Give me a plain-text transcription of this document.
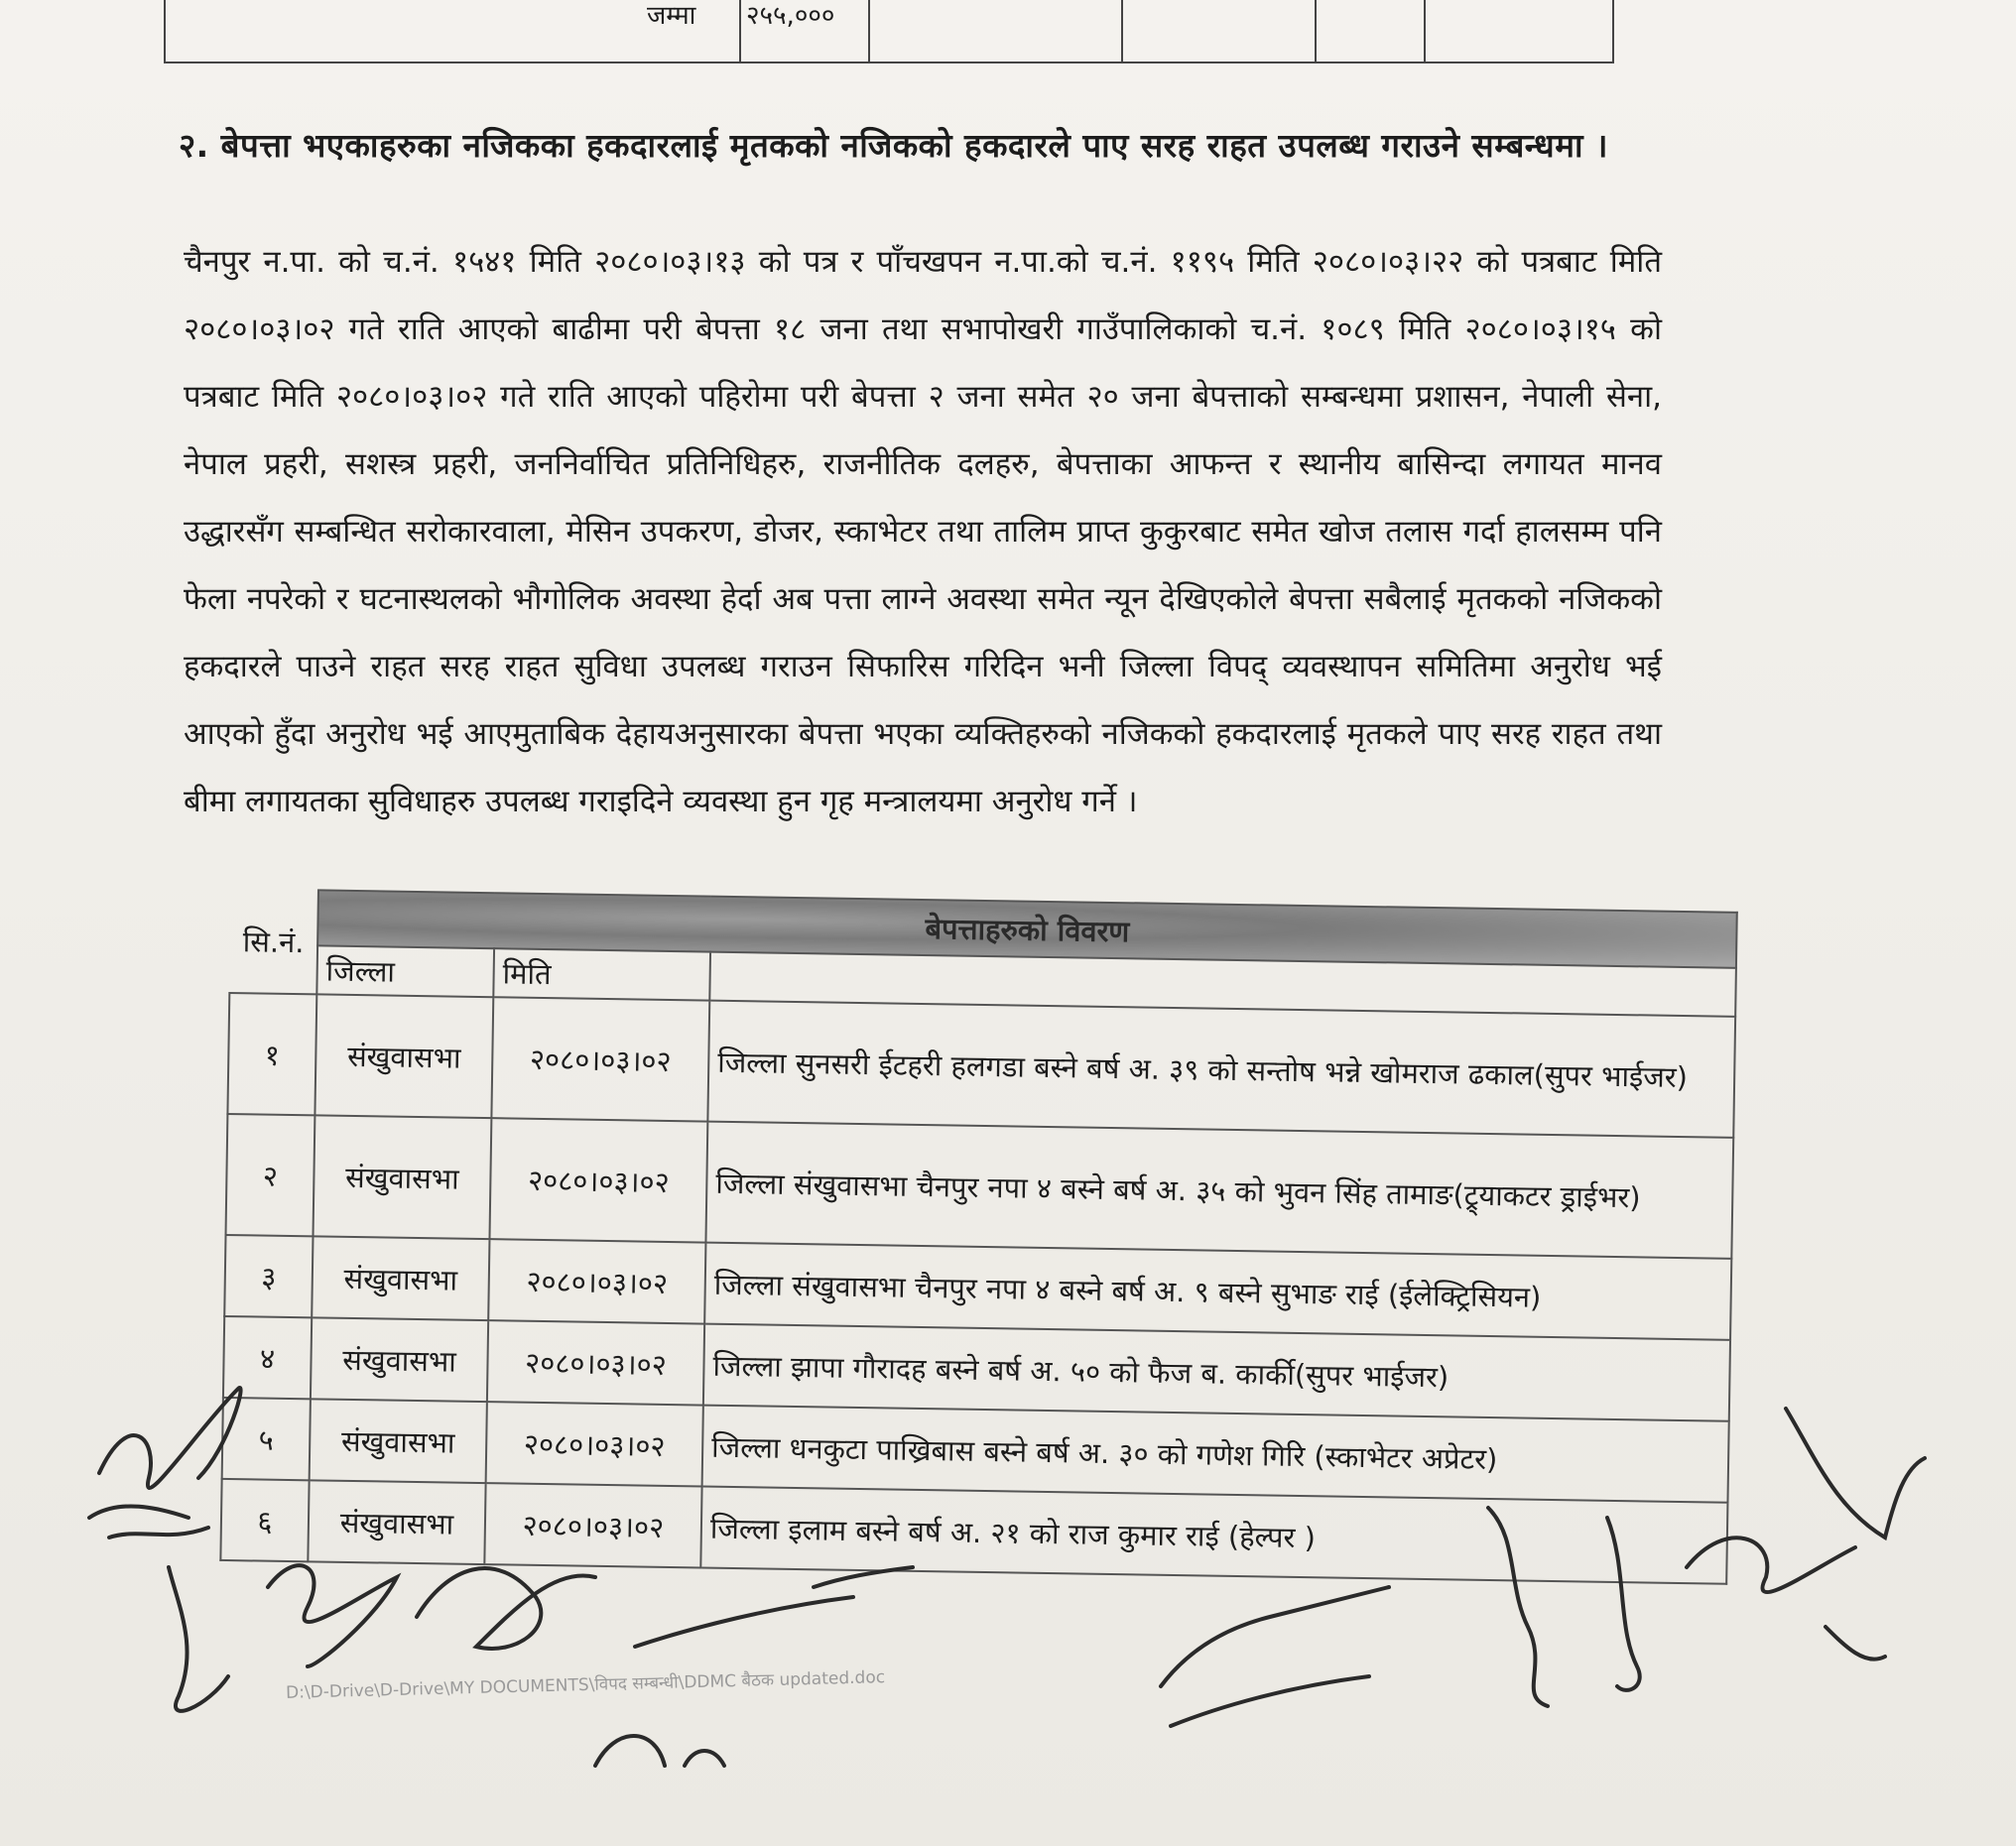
जम्मा २५५,०००
२. बेपत्ता भएकाहरुका नजिकका हकदारलाई मृतकको नजिकको हकदारले पाए सरह राहत उपलब्ध गराउने सम्बन्धमा ।
चैनपुर न.पा. को च.नं. १५४१ मिति २०८०।०३।१३ को पत्र र पाँचखपन न.पा.को च.नं. ११९५ मिति २०८०।०३।२२ को पत्रबाट मिति २०८०।०३।०२ गते राति आएको बाढीमा परी बेपत्ता १८ जना तथा सभापोखरी गाउँपालिकाको च.नं. १०८९ मिति २०८०।०३।१५ को पत्रबाट मिति २०८०।०३।०२ गते राति आएको पहिरोमा परी बेपत्ता २ जना समेत २० जना बेपत्ताको सम्बन्धमा प्रशासन, नेपाली सेना, नेपाल प्रहरी, सशस्त्र प्रहरी, जननिर्वाचित प्रतिनिधिहरु, राजनीतिक दलहरु, बेपत्ताका आफन्त र स्थानीय बासिन्दा लगायत मानव उद्धारसँग सम्बन्धित सरोकारवाला, मेसिन उपकरण, डोजर, स्काभेटर तथा तालिम प्राप्त कुकुरबाट समेत खोज तलास गर्दा हालसम्म पनि फेला नपरेको र घटनास्थलको भौगोलिक अवस्था हेर्दा अब पत्ता लाग्ने अवस्था समेत न्यून देखिएकोले बेपत्ता सबैलाई मृतकको नजिकको हकदारले पाउने राहत सरह राहत सुविधा उपलब्ध गराउन सिफारिस गरिदिन भनी जिल्ला विपद् व्यवस्थापन समितिमा अनुरोध भई आएको हुँदा अनुरोध भई आएमुताबिक देहायअनुसारका बेपत्ता भएका व्यक्तिहरुको नजिकको हकदारलाई मृतकले पाए सरह राहत तथा बीमा लगायतका सुविधाहरु उपलब्ध गराइदिने व्यवस्था हुन गृह मन्त्रालयमा अनुरोध गर्ने ।
सि.नं.	बेपत्ताहरुको विवरण		
	जिल्ला	मिति	
१	संखुवासभा	२०८०।०३।०२	जिल्ला सुनसरी ईटहरी हलगडा बस्ने बर्ष अ. ३९ को सन्तोष भन्ने खोमराज ढकाल(सुपर भाईजर)
२	संखुवासभा	२०८०।०३।०२	जिल्ला संखुवासभा चैनपुर नपा ४ बस्ने बर्ष अ. ३५ को भुवन सिंह तामाङ(ट्र्याकटर ड्राईभर)
३	संखुवासभा	२०८०।०३।०२	जिल्ला संखुवासभा चैनपुर नपा ४ बस्ने बर्ष अ. ९ बस्ने सुभाङ राई (ईलेक्ट्रिसियन)
४	संखुवासभा	२०८०।०३।०२	जिल्ला झापा गौरादह बस्ने बर्ष अ. ५० को फैज ब. कार्की(सुपर भाईजर)
५	संखुवासभा	२०८०।०३।०२	जिल्ला धनकुटा पाख्रिबास बस्ने बर्ष अ. ३० को गणेश गिरि (स्काभेटर अप्रेटर)
६	संखुवासभा	२०८०।०३।०२	जिल्ला इलाम बस्ने बर्ष अ. २१ को राज कुमार राई (हेल्पर )
D:\D-Drive\D-Drive\MY DOCUMENTS\विपद सम्बन्धी\DDMC बैठक updated.doc
